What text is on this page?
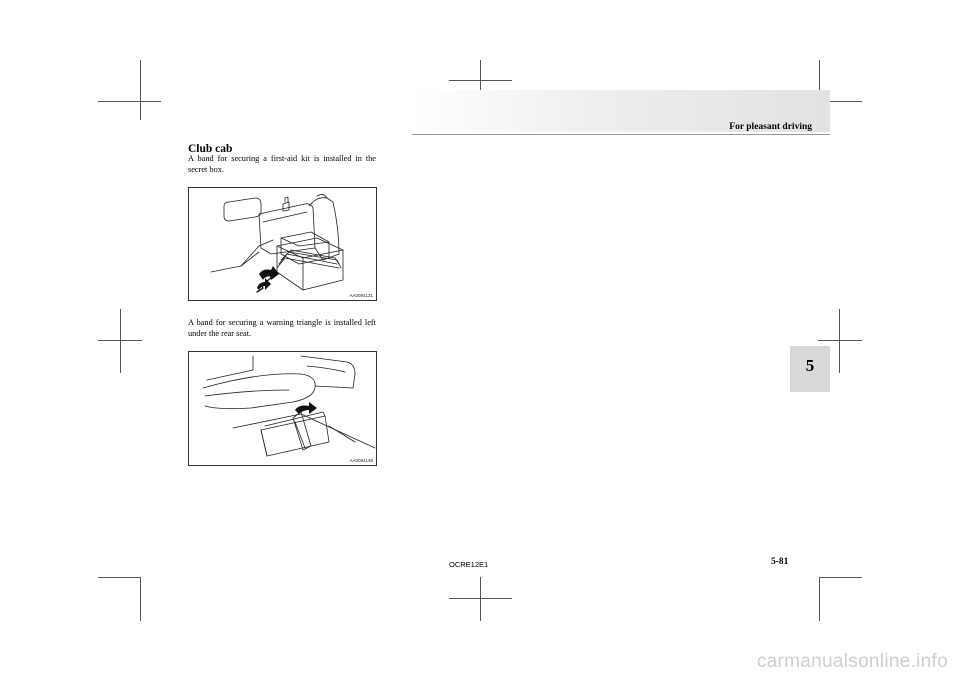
For pleasant driving
Club cab
A band for securing a first-aid kit is installed in the secret box.
AA0094131
A band for securing a warning triangle is installed left under the rear seat.
AA0094146
5
OCRE12E1	5-81
carmanualsonline.info
